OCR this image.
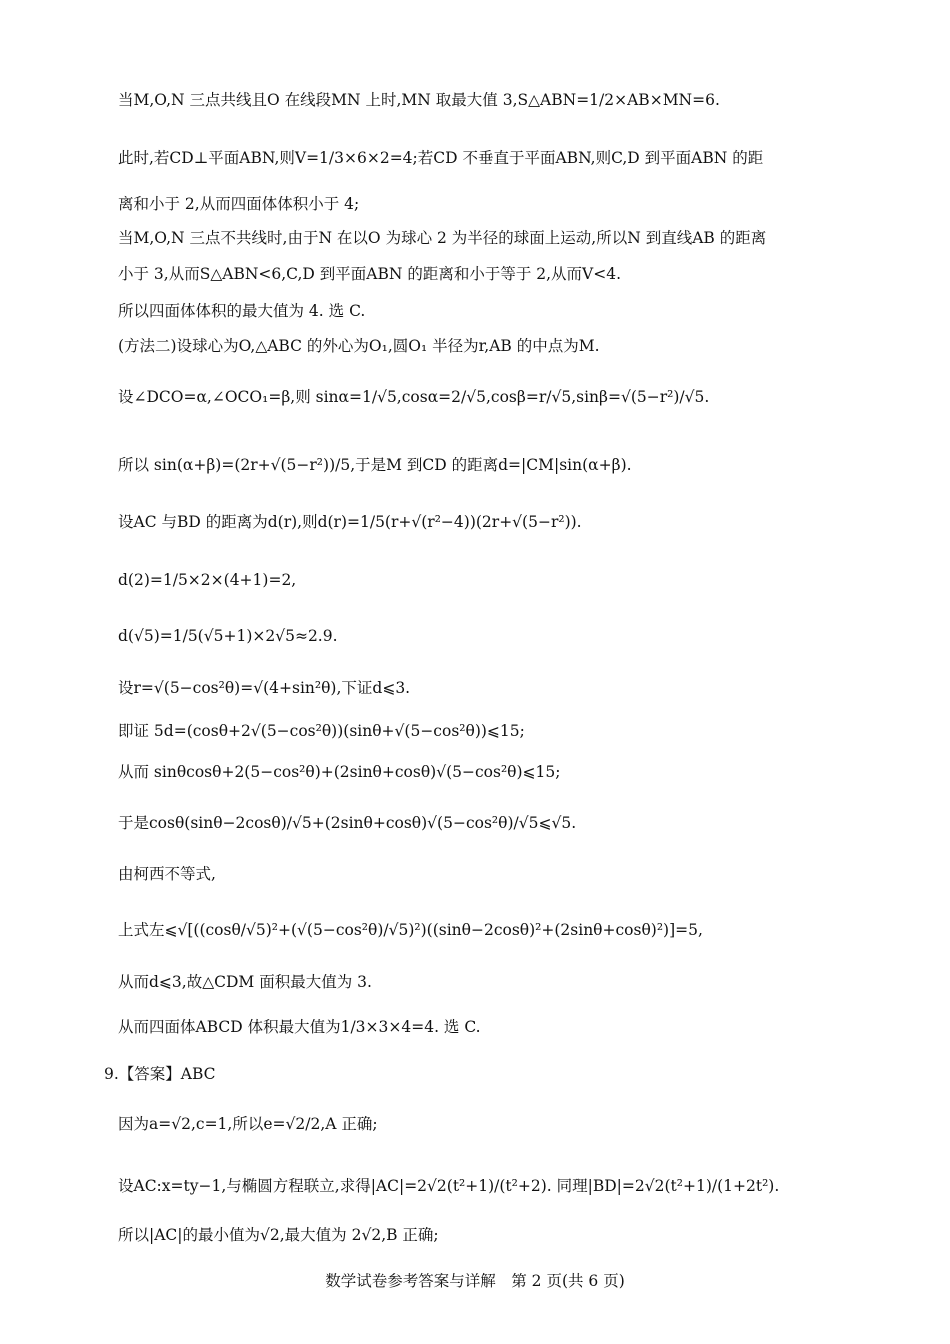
当M,O,N 三点共线且O 在线段MN 上时,MN 取最大值 3,S△ABN=1/2×AB×MN=6.
此时,若CD⊥平面ABN,则V=1/3×6×2=4;若CD 不垂直于平面ABN,则C,D 到平面ABN 的距
离和小于 2,从而四面体体积小于 4;
当M,O,N 三点不共线时,由于N 在以O 为球心 2 为半径的球面上运动,所以N 到直线AB 的距离
小于 3,从而S△ABN<6,C,D 到平面ABN 的距离和小于等于 2,从而V<4.
所以四面体体积的最大值为 4. 选 C.
(方法二)设球心为O,△ABC 的外心为O₁,圆O₁ 半径为r,AB 的中点为M.
设∠DCO=α,∠OCO₁=β,则 sinα=1/√5,cosα=2/√5,cosβ=r/√5,sinβ=√(5−r²)/√5.
所以 sin(α+β)=(2r+√(5−r²))/5,于是M 到CD 的距离d=|CM|sin(α+β).
设AC 与BD 的距离为d(r),则d(r)=1/5(r+√(r²−4))(2r+√(5−r²)).
d(2)=1/5×2×(4+1)=2,
d(√5)=1/5(√5+1)×2√5≈2.9.
设r=√(5−cos²θ)=√(4+sin²θ),下证d⩽3.
即证 5d=(cosθ+2√(5−cos²θ))(sinθ+√(5−cos²θ))⩽15;
从而 sinθcosθ+2(5−cos²θ)+(2sinθ+cosθ)√(5−cos²θ)⩽15;
于是cosθ(sinθ−2cosθ)/√5+(2sinθ+cosθ)√(5−cos²θ)/√5⩽√5.
由柯西不等式,
上式左⩽√[((cosθ/√5)²+(√(5−cos²θ)/√5)²)((sinθ−2cosθ)²+(2sinθ+cosθ)²)]=5,
从而d⩽3,故△CDM 面积最大值为 3.
从而四面体ABCD 体积最大值为1/3×3×4=4. 选 C.
9.【答案】ABC
因为a=√2,c=1,所以e=√2/2,A 正确;
设AC:x=ty−1,与椭圆方程联立,求得|AC|=2√2(t²+1)/(t²+2). 同理|BD|=2√2(t²+1)/(1+2t²).
所以|AC|的最小值为√2,最大值为 2√2,B 正确;
数学试卷参考答案与详解　第 2 页(共 6 页)
